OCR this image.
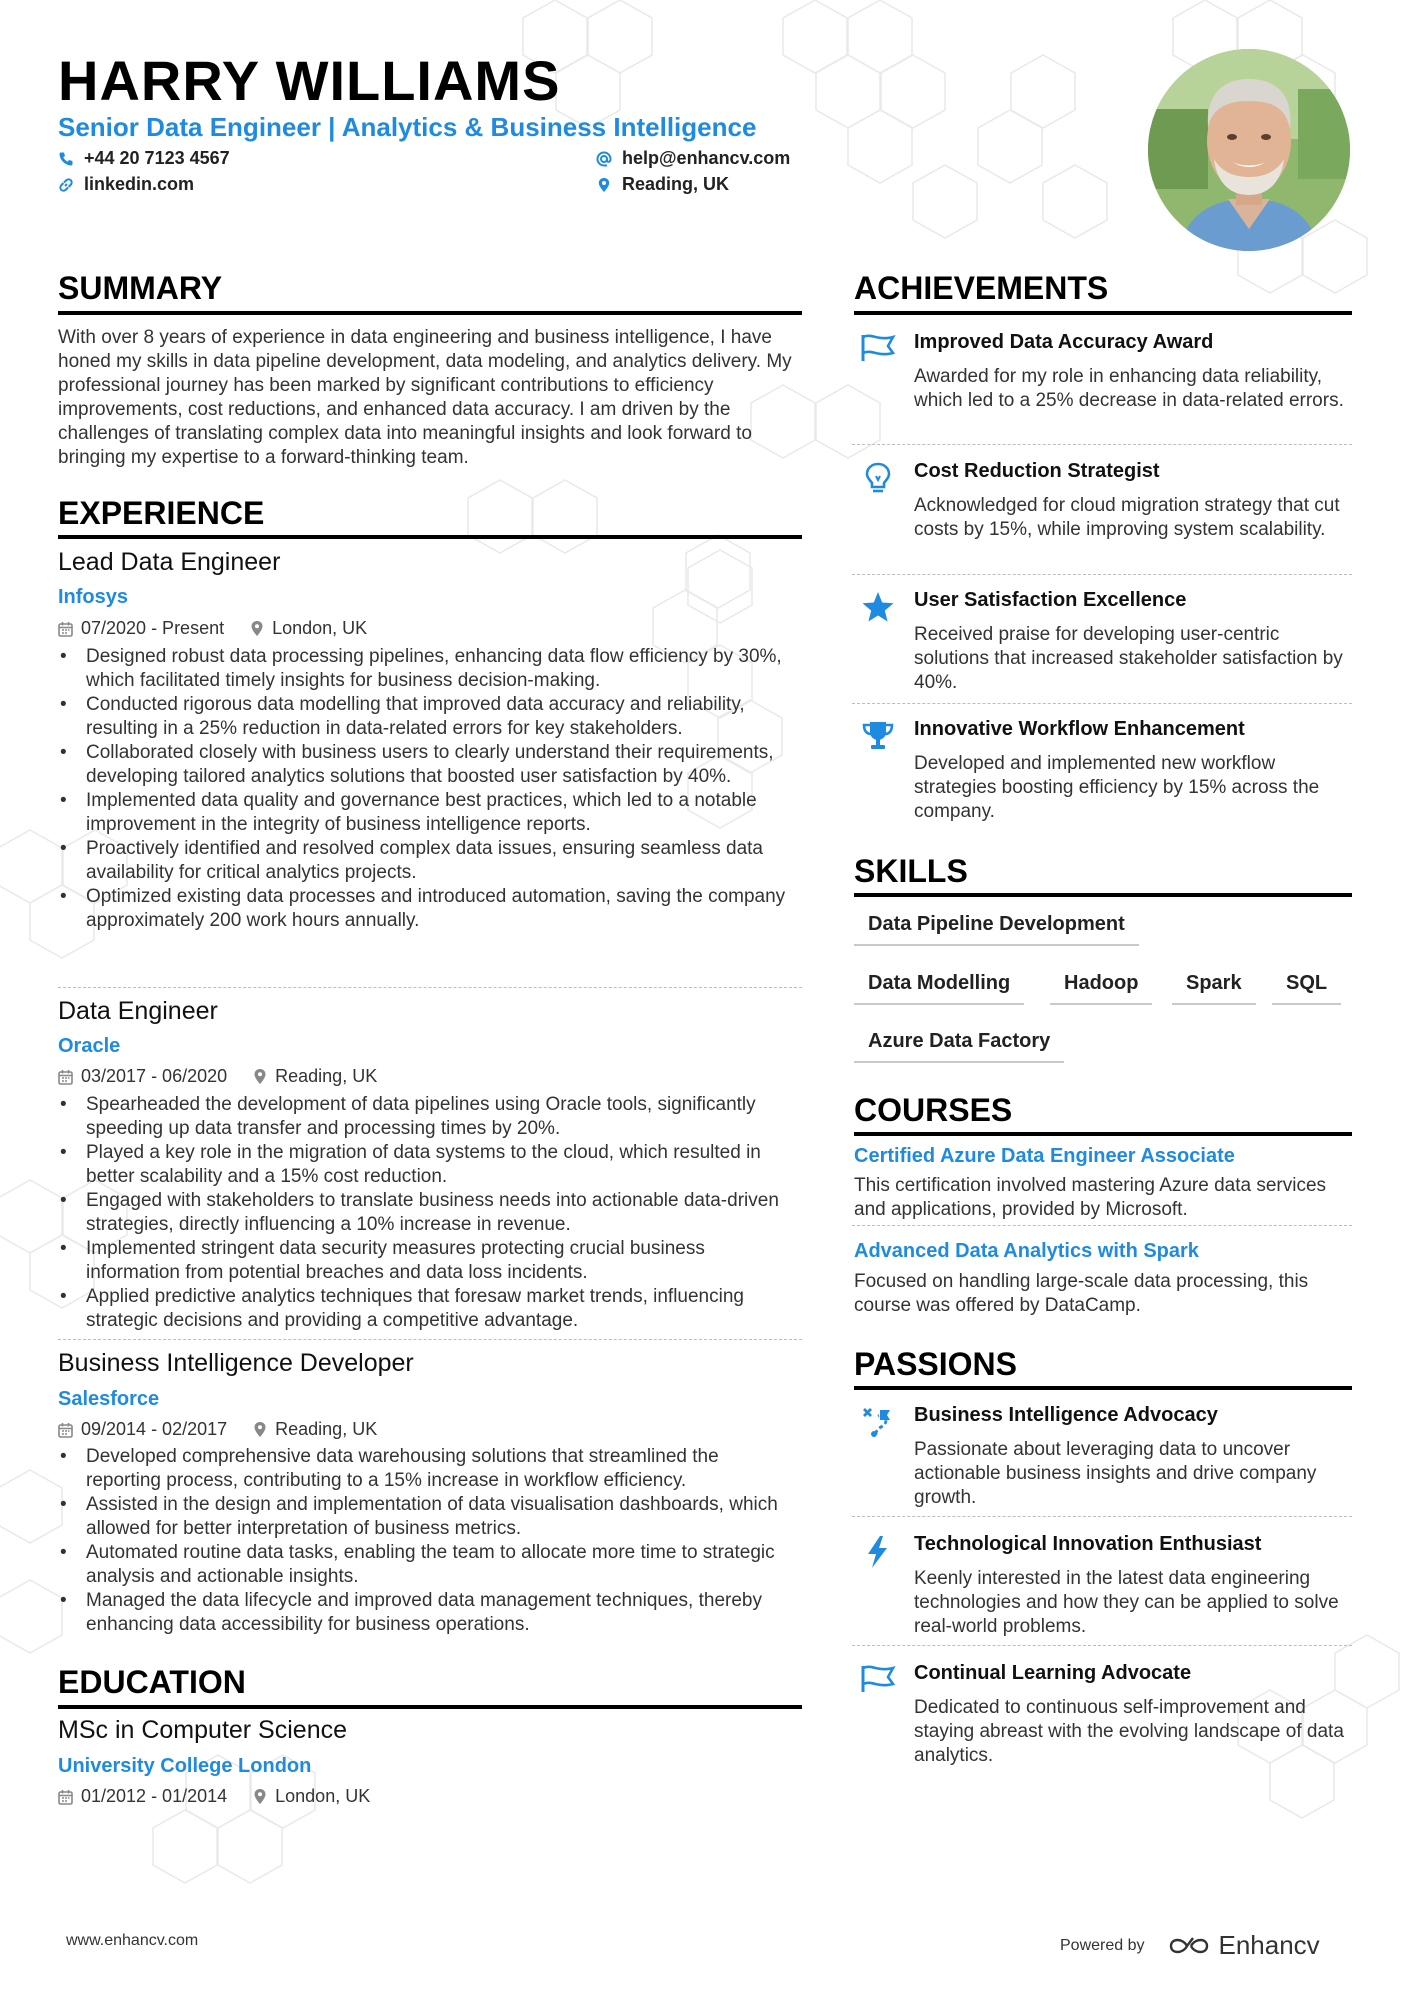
HARRY WILLIAMS
Senior Data Engineer | Analytics & Business Intelligence
+44 20 7123 4567	help@enhancv.com
linkedin.com	Reading, UK
SUMMARY
With over 8 years of experience in data engineering and business intelligence, I have honed my skills in data pipeline development, data modeling, and analytics delivery. My professional journey has been marked by significant contributions to efficiency improvements, cost reductions, and enhanced data accuracy. I am driven by the challenges of translating complex data into meaningful insights and look forward to bringing my expertise to a forward-thinking team.
EXPERIENCE
Lead Data Engineer
Infosys
07/2020 - Present	London, UK
• Designed robust data processing pipelines, enhancing data flow efficiency by 30%, which facilitated timely insights for business decision-making.
• Conducted rigorous data modelling that improved data accuracy and reliability, resulting in a 25% reduction in data-related errors for key stakeholders.
• Collaborated closely with business users to clearly understand their requirements, developing tailored analytics solutions that boosted user satisfaction by 40%.
• Implemented data quality and governance best practices, which led to a notable improvement in the integrity of business intelligence reports.
• Proactively identified and resolved complex data issues, ensuring seamless data availability for critical analytics projects.
• Optimized existing data processes and introduced automation, saving the company approximately 200 work hours annually.
Data Engineer
Oracle
03/2017 - 06/2020	Reading, UK
• Spearheaded the development of data pipelines using Oracle tools, significantly speeding up data transfer and processing times by 20%.
• Played a key role in the migration of data systems to the cloud, which resulted in better scalability and a 15% cost reduction.
• Engaged with stakeholders to translate business needs into actionable data-driven strategies, directly influencing a 10% increase in revenue.
• Implemented stringent data security measures protecting crucial business information from potential breaches and data loss incidents.
• Applied predictive analytics techniques that foresaw market trends, influencing strategic decisions and providing a competitive advantage.
Business Intelligence Developer
Salesforce
09/2014 - 02/2017	Reading, UK
• Developed comprehensive data warehousing solutions that streamlined the reporting process, contributing to a 15% increase in workflow efficiency.
• Assisted in the design and implementation of data visualisation dashboards, which allowed for better interpretation of business metrics.
• Automated routine data tasks, enabling the team to allocate more time to strategic analysis and actionable insights.
• Managed the data lifecycle and improved data management techniques, thereby enhancing data accessibility for business operations.
EDUCATION
MSc in Computer Science
University College London
01/2012 - 01/2014	London, UK
ACHIEVEMENTS
Improved Data Accuracy Award
Awarded for my role in enhancing data reliability, which led to a 25% decrease in data-related errors.
Cost Reduction Strategist
Acknowledged for cloud migration strategy that cut costs by 15%, while improving system scalability.
User Satisfaction Excellence
Received praise for developing user-centric solutions that increased stakeholder satisfaction by 40%.
Innovative Workflow Enhancement
Developed and implemented new workflow strategies boosting efficiency by 15% across the company.
SKILLS
Data Pipeline Development
Data Modelling	Hadoop	Spark	SQL
Azure Data Factory
COURSES
Certified Azure Data Engineer Associate
This certification involved mastering Azure data services and applications, provided by Microsoft.
Advanced Data Analytics with Spark
Focused on handling large-scale data processing, this course was offered by DataCamp.
PASSIONS
Business Intelligence Advocacy
Passionate about leveraging data to uncover actionable business insights and drive company growth.
Technological Innovation Enthusiast
Keenly interested in the latest data engineering technologies and how they can be applied to solve real-world problems.
Continual Learning Advocate
Dedicated to continuous self-improvement and staying abreast with the evolving landscape of data analytics.
www.enhancv.com	Powered by	Enhancv
